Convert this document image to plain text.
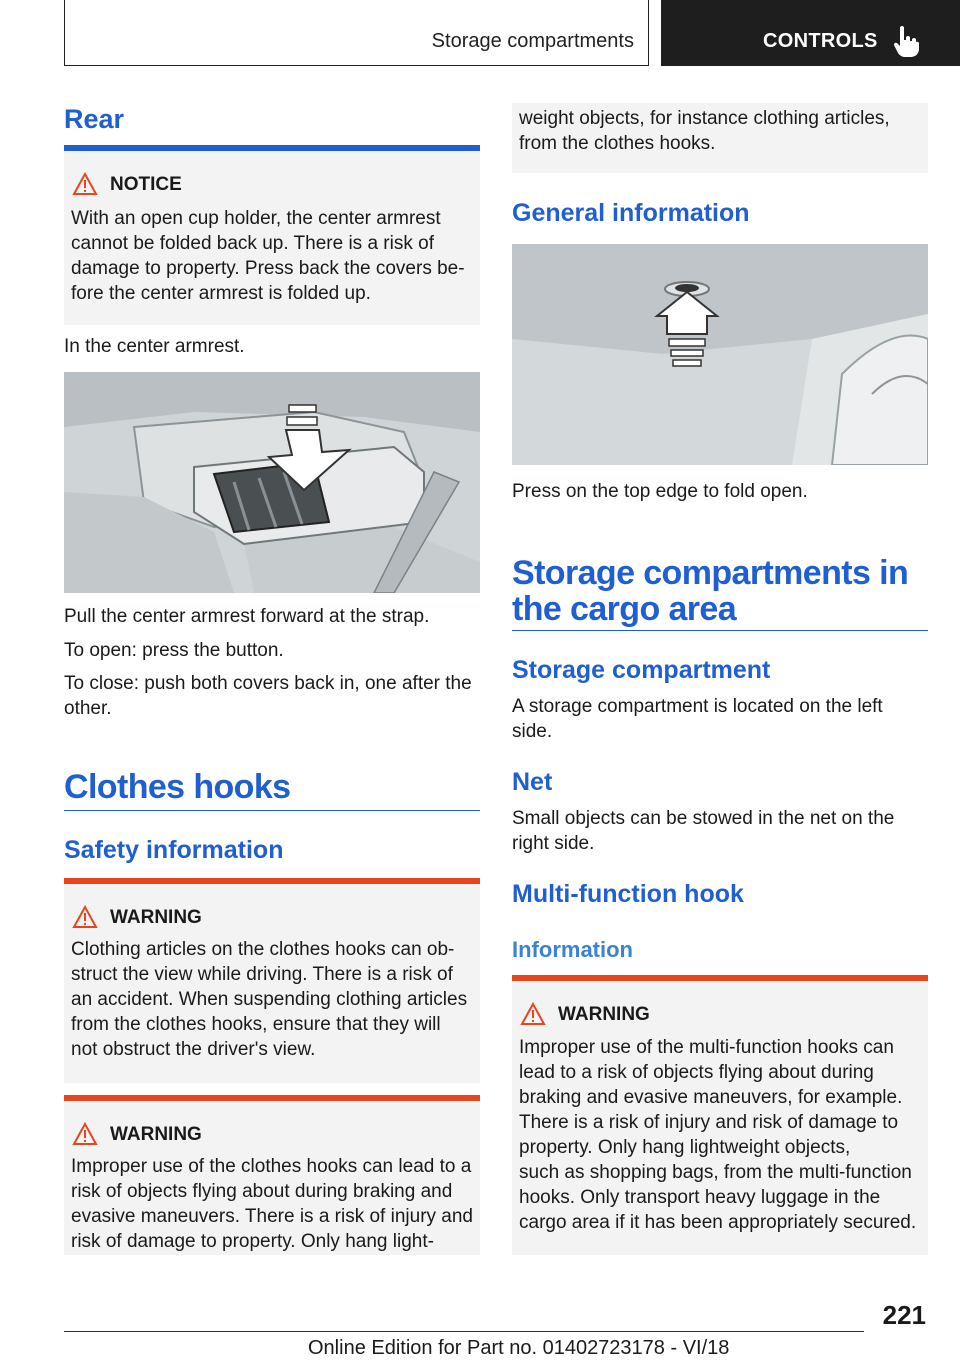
Storage compartments	CONTROLS
Rear
NOTICE
With an open cup holder, the center armrest
cannot be folded back up. There is a risk of
damage to property. Press back the covers be-
fore the center armrest is folded up.
In the center armrest.
Pull the center armrest forward at the strap.
To open: press the button.
To close: push both covers back in, one after the
other.
Clothes hooks
Safety information
WARNING
Clothing articles on the clothes hooks can ob-
struct the view while driving. There is a risk of
an accident. When suspending clothing articles
from the clothes hooks, ensure that they will
not obstruct the driver's view.
WARNING
Improper use of the clothes hooks can lead to a
risk of objects flying about during braking and
evasive maneuvers. There is a risk of injury and
risk of damage to property. Only hang light-
weight objects, for instance clothing articles,
from the clothes hooks.
General information
Press on the top edge to fold open.
Storage compartments in
the cargo area
Storage compartment
A storage compartment is located on the left
side.
Net
Small objects can be stowed in the net on the
right side.
Multi-function hook
Information
WARNING
Improper use of the multi-function hooks can
lead to a risk of objects flying about during
braking and evasive maneuvers, for example.
There is a risk of injury and risk of damage to
property. Only hang lightweight objects,
such as shopping bags, from the multi-function
hooks. Only transport heavy luggage in the
cargo area if it has been appropriately secured.
221
Online Edition for Part no. 01402723178 - VI/18
